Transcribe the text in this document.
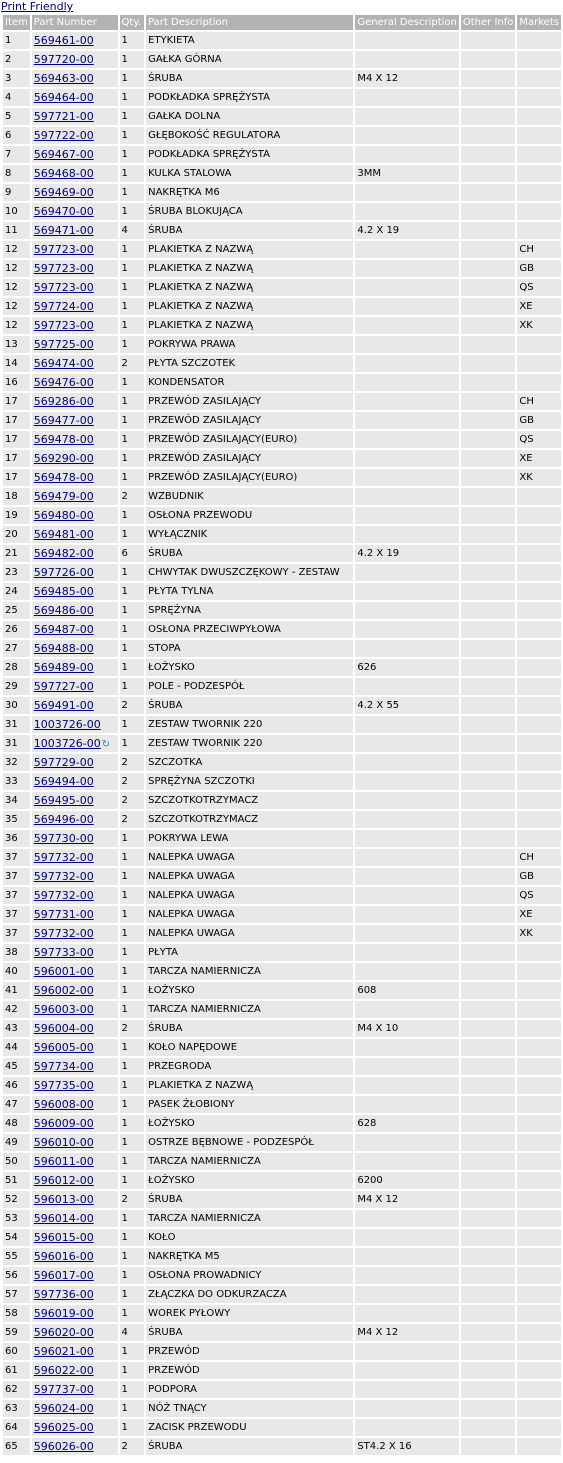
Print Friendly
Item	Part Number	Qty.	Part Description	General Description	Other Info	Markets
1	569461-00	1	ETYKIETA			
2	597720-00	1	GAŁKA GÓRNA			
3	569463-00	1	ŚRUBA	M4 X 12		
4	569464-00	1	PODKŁADKA SPRĘŻYSTA			
5	597721-00	1	GAŁKA DOLNA			
6	597722-00	1	GŁĘBOKOŚĆ REGULATORA			
7	569467-00	1	PODKŁADKA SPRĘŻYSTA			
8	569468-00	1	KULKA STALOWA	3MM		
9	569469-00	1	NAKRĘTKA M6			
10	569470-00	1	ŚRUBA BLOKUJĄCA			
11	569471-00	4	ŚRUBA	4.2 X 19		
12	597723-00	1	PLAKIETKA Z NAZWĄ			CH
12	597723-00	1	PLAKIETKA Z NAZWĄ			GB
12	597723-00	1	PLAKIETKA Z NAZWĄ			QS
12	597724-00	1	PLAKIETKA Z NAZWĄ			XE
12	597723-00	1	PLAKIETKA Z NAZWĄ			XK
13	597725-00	1	POKRYWA PRAWA			
14	569474-00	2	PŁYTA SZCZOTEK			
16	569476-00	1	KONDENSATOR			
17	569286-00	1	PRZEWÓD ZASILAJĄCY			CH
17	569477-00	1	PRZEWÓD ZASILAJĄCY			GB
17	569478-00	1	PRZEWÓD ZASILAJĄCY(EURO)			QS
17	569290-00	1	PRZEWÓD ZASILAJĄCY			XE
17	569478-00	1	PRZEWÓD ZASILAJĄCY(EURO)			XK
18	569479-00	2	WZBUDNIK			
19	569480-00	1	OSŁONA PRZEWODU			
20	569481-00	1	WYŁĄCZNIK			
21	569482-00	6	ŚRUBA	4.2 X 19		
23	597726-00	1	CHWYTAK DWUSZCZĘKOWY - ZESTAW			
24	569485-00	1	PŁYTA TYLNA			
25	569486-00	1	SPRĘŻYNA			
26	569487-00	1	OSŁONA PRZECIWPYŁOWA			
27	569488-00	1	STOPA			
28	569489-00	1	ŁOŻYSKO	626		
29	597727-00	1	POLE - PODZESPÓŁ			
30	569491-00	2	ŚRUBA	4.2 X 55		
31	1003726-00	1	ZESTAW TWORNIK 220			
31	1003726-00↻	1	ZESTAW TWORNIK 220			
32	597729-00	2	SZCZOTKA			
33	569494-00	2	SPRĘŻYNA SZCZOTKI			
34	569495-00	2	SZCZOTKOTRZYMACZ			
35	569496-00	2	SZCZOTKOTRZYMACZ			
36	597730-00	1	POKRYWA LEWA			
37	597732-00	1	NALEPKA UWAGA			CH
37	597732-00	1	NALEPKA UWAGA			GB
37	597732-00	1	NALEPKA UWAGA			QS
37	597731-00	1	NALEPKA UWAGA			XE
37	597732-00	1	NALEPKA UWAGA			XK
38	597733-00	1	PŁYTA			
40	596001-00	1	TARCZA NAMIERNICZA			
41	596002-00	1	ŁOŻYSKO	608		
42	596003-00	1	TARCZA NAMIERNICZA			
43	596004-00	2	ŚRUBA	M4 X 10		
44	596005-00	1	KOŁO NAPĘDOWE			
45	597734-00	1	PRZEGRODA			
46	597735-00	1	PLAKIETKA Z NAZWĄ			
47	596008-00	1	PASEK ŻŁOBIONY			
48	596009-00	1	ŁOŻYSKO	628		
49	596010-00	1	OSTRZE BĘBNOWE - PODZESPÓŁ			
50	596011-00	1	TARCZA NAMIERNICZA			
51	596012-00	1	ŁOŻYSKO	6200		
52	596013-00	2	ŚRUBA	M4 X 12		
53	596014-00	1	TARCZA NAMIERNICZA			
54	596015-00	1	KOŁO			
55	596016-00	1	NAKRĘTKA M5			
56	596017-00	1	OSŁONA PROWADNICY			
57	597736-00	1	ZŁĄCZKA DO ODKURZACZA			
58	596019-00	1	WOREK PYŁOWY			
59	596020-00	4	ŚRUBA	M4 X 12		
60	596021-00	1	PRZEWÓD			
61	596022-00	1	PRZEWÓD			
62	597737-00	1	PODPORA			
63	596024-00	1	NÓŻ TNĄCY			
64	596025-00	1	ZACISK PRZEWODU			
65	596026-00	2	ŚRUBA	ST4.2 X 16		
